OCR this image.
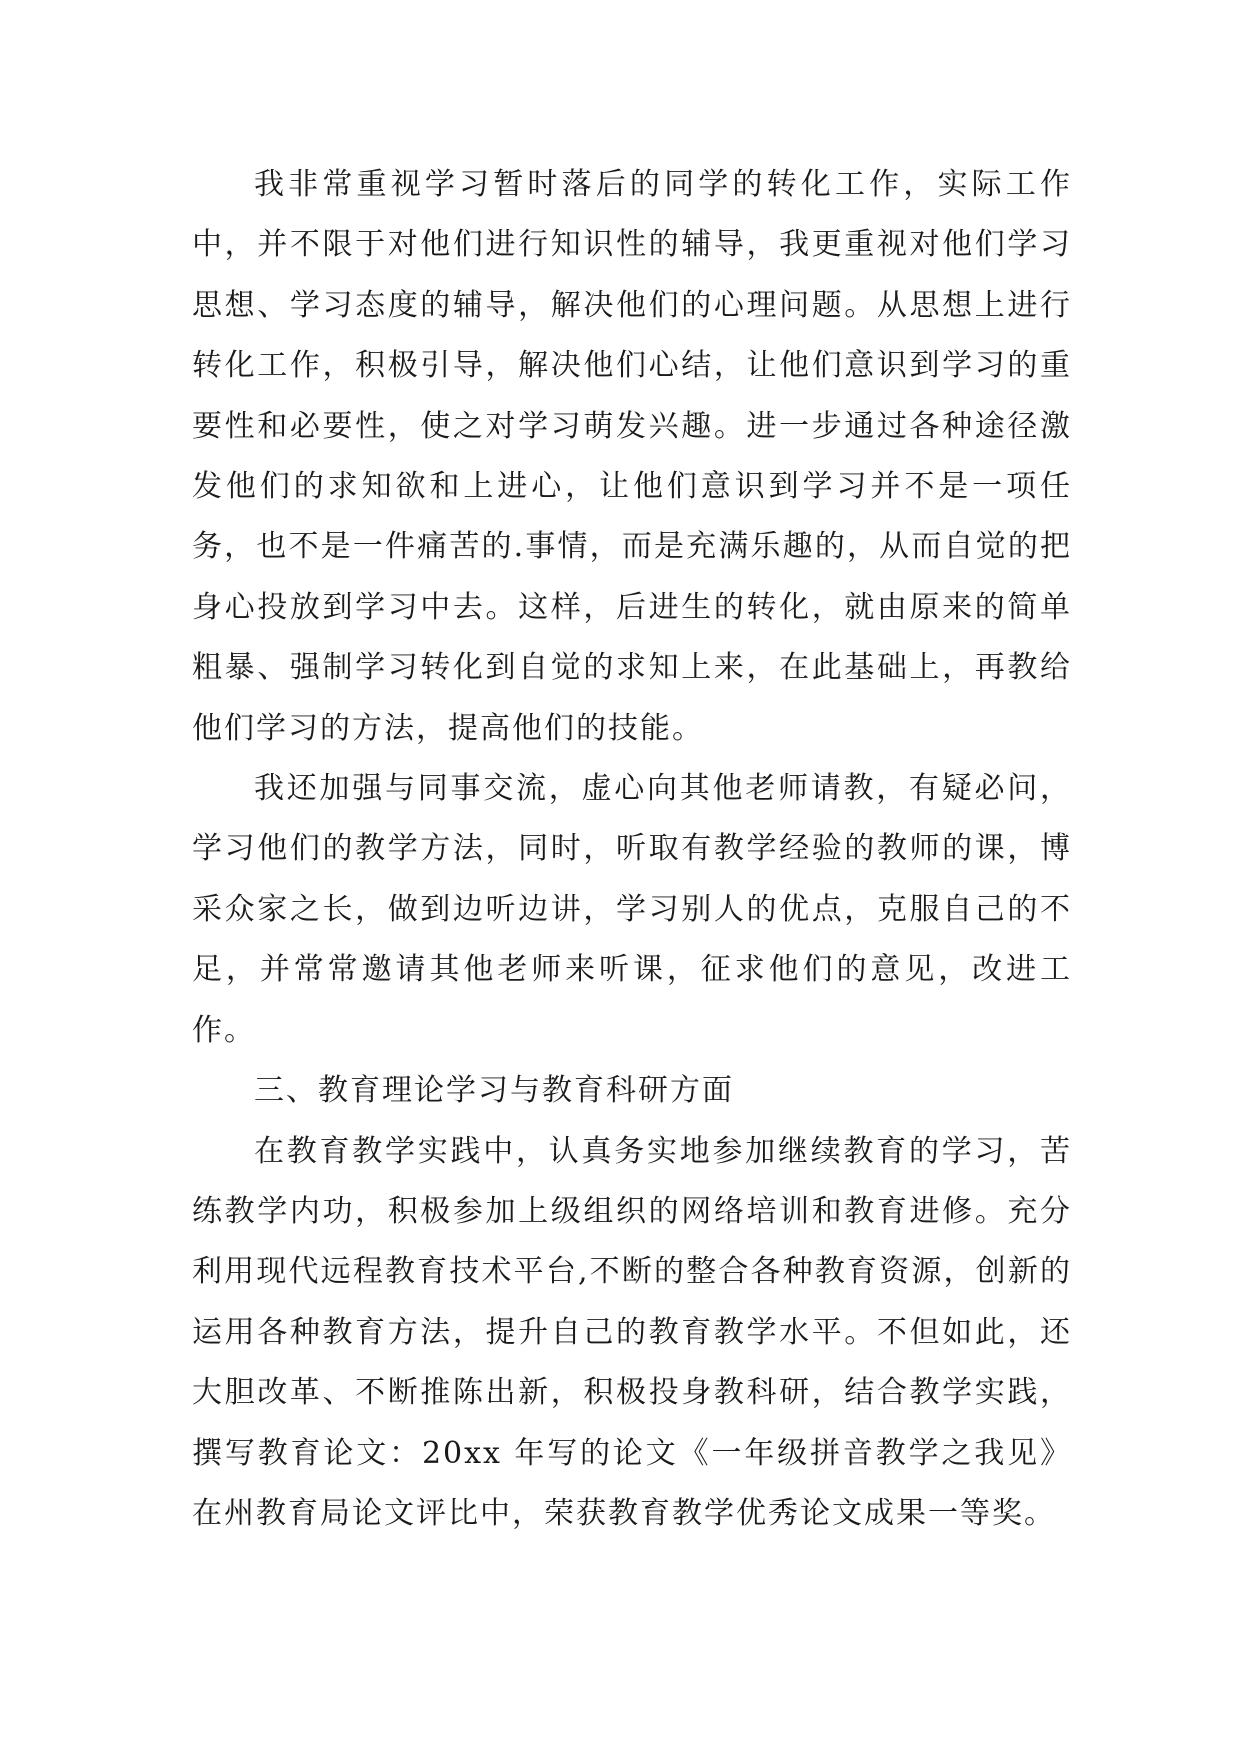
我非常重视学习暂时落后的同学的转化工作，实际工作中，并不限于对他们进行知识性的辅导，我更重视对他们学习思想、学习态度的辅导，解决他们的心理问题。从思想上进行转化工作，积极引导，解决他们心结，让他们意识到学习的重要性和必要性，使之对学习萌发兴趣。进一步通过各种途径激发他们的求知欲和上进心，让他们意识到学习并不是一项任务，也不是一件痛苦的.事情，而是充满乐趣的，从而自觉的把身心投放到学习中去。这样，后进生的转化，就由原来的简单粗暴、强制学习转化到自觉的求知上来，在此基础上，再教给他们学习的方法，提高他们的技能。

我还加强与同事交流，虚心向其他老师请教，有疑必问，学习他们的教学方法，同时，听取有教学经验的教师的课，博采众家之长，做到边听边讲，学习别人的优点，克服自己的不足，并常常邀请其他老师来听课，征求他们的意见，改进工作。

三、教育理论学习与教育科研方面

在教育教学实践中，认真务实地参加继续教育的学习，苦练教学内功，积极参加上级组织的网络培训和教育进修。充分利用现代远程教育技术平台,不断的整合各种教育资源，创新的运用各种教育方法，提升自己的教育教学水平。不但如此，还大胆改革、不断推陈出新，积极投身教科研，结合教学实践，撰写教育论文：20xx 年写的论文《一年级拼音教学之我见》在州教育局论文评比中，荣获教育教学优秀论文成果一等奖。
